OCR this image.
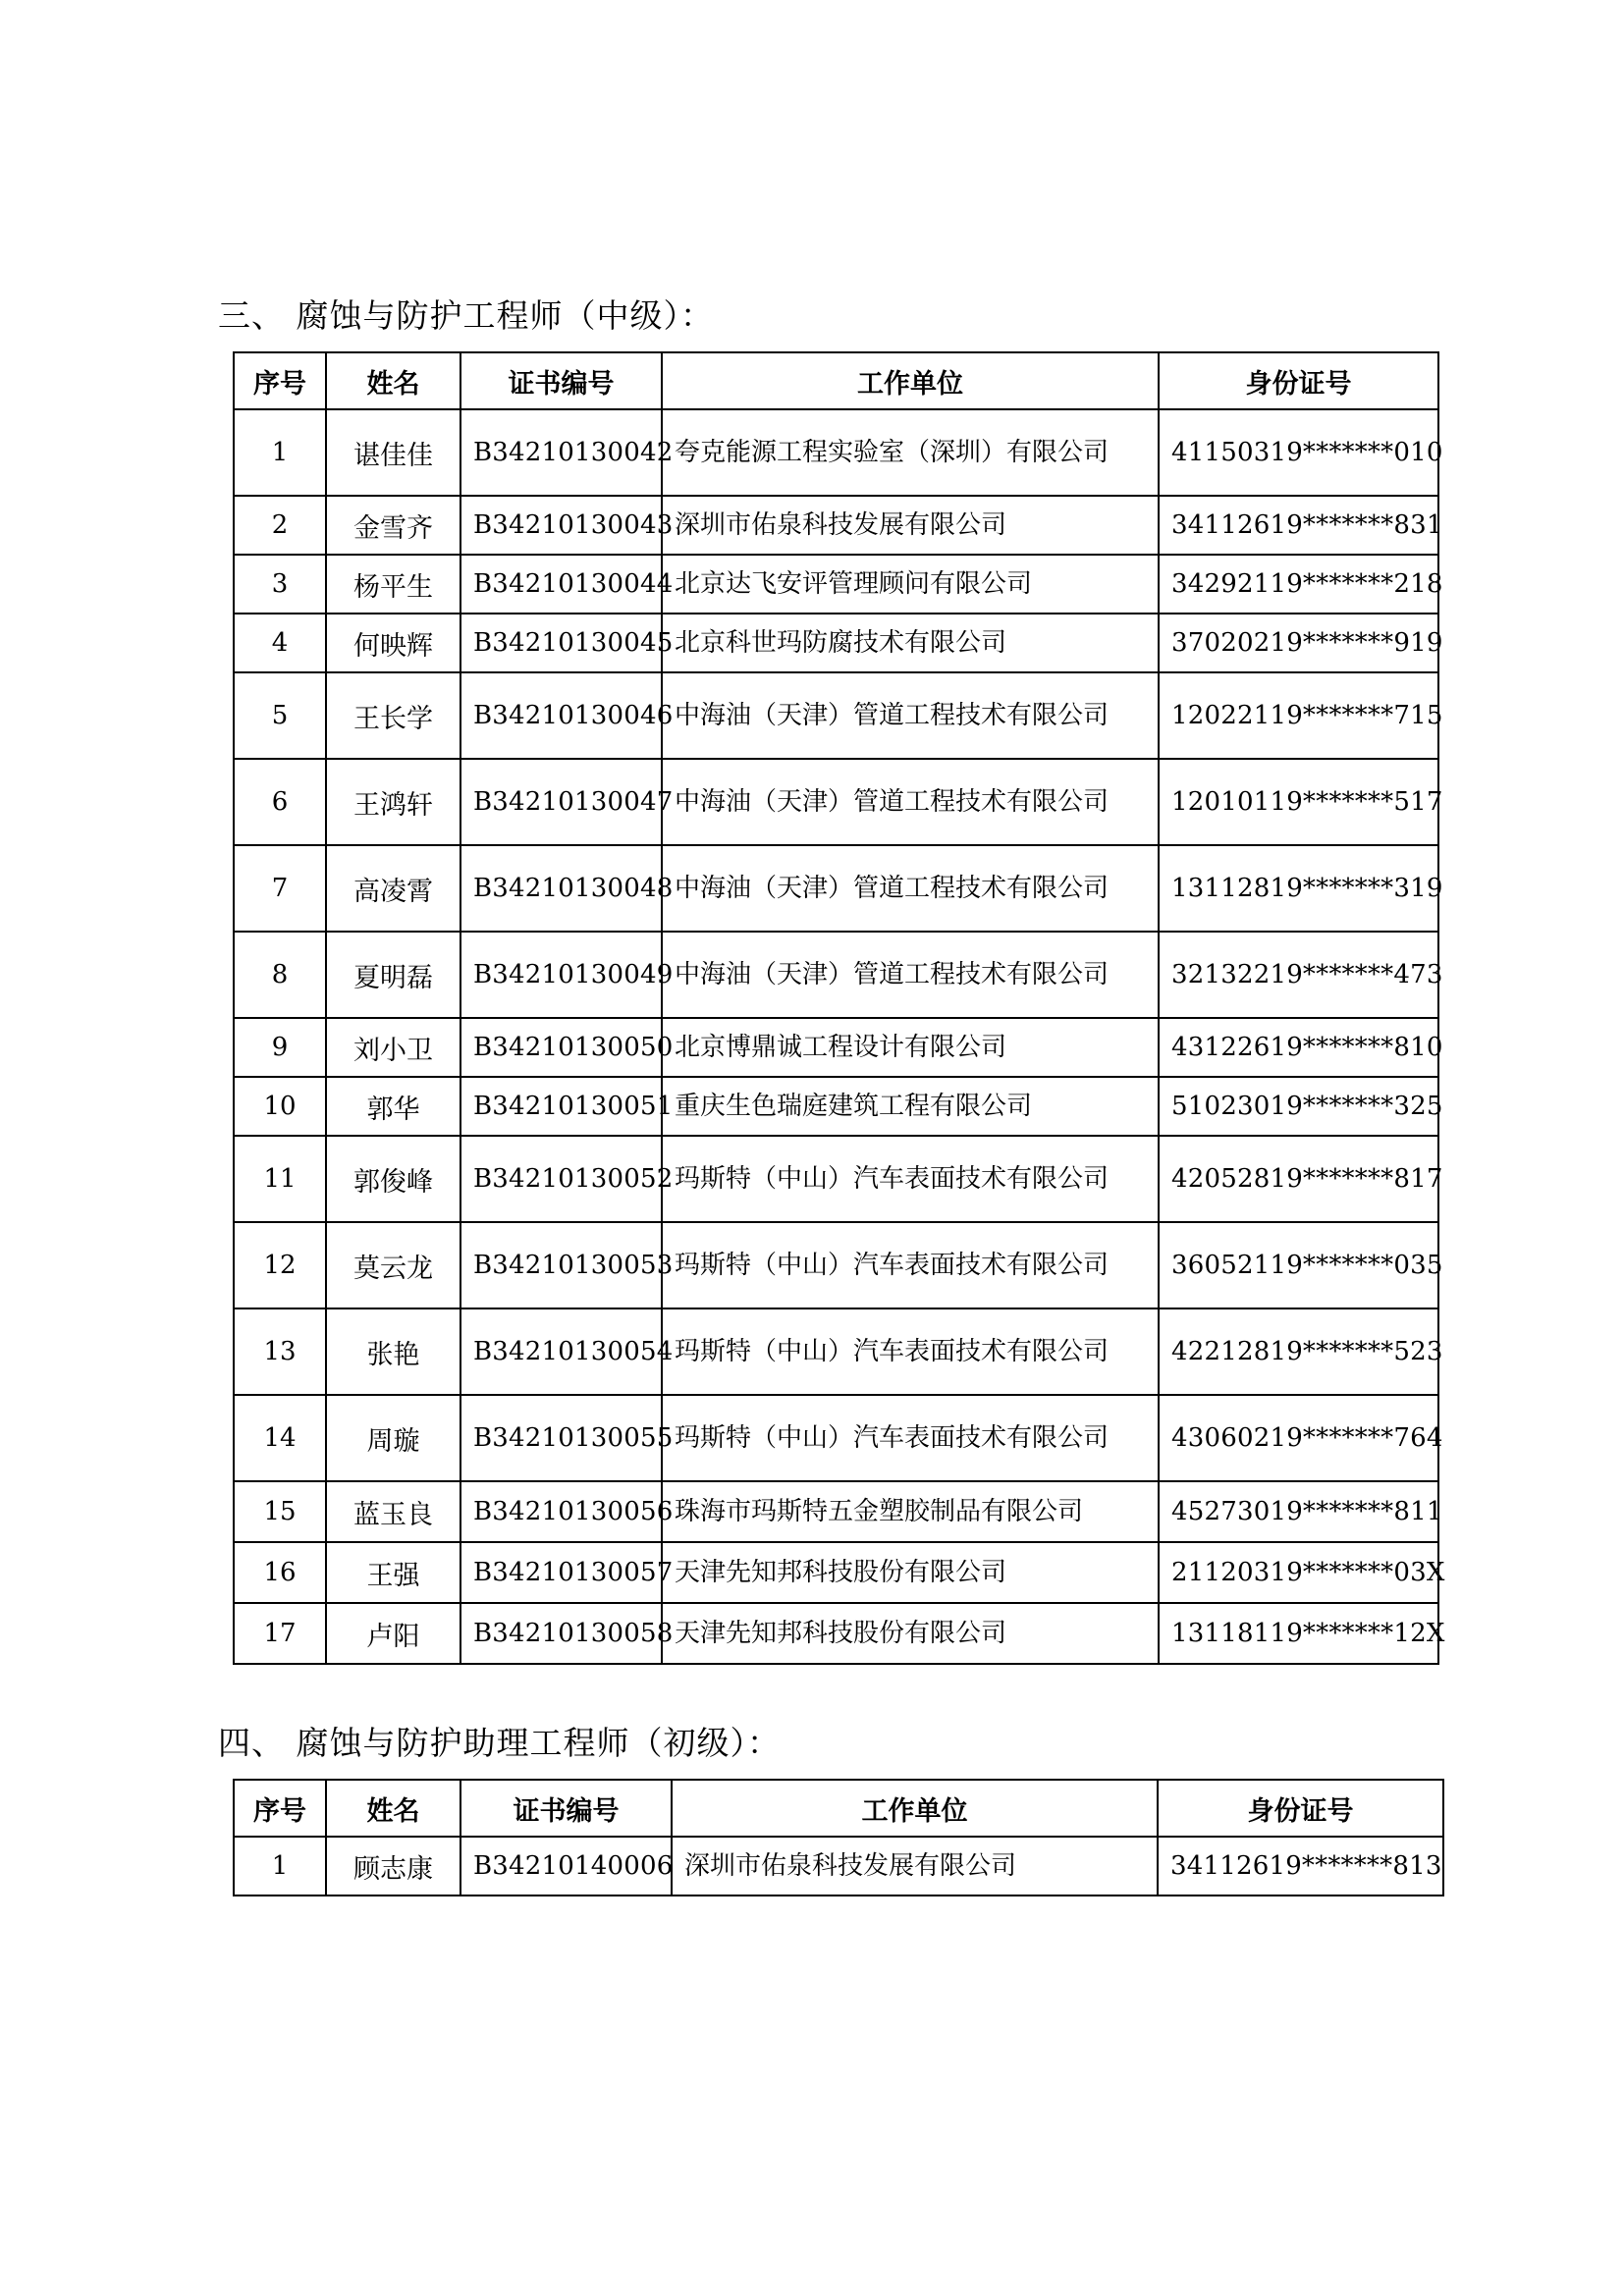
三、 腐蚀与防护工程师（中级）：
序号	姓名	证书编号	工作单位	身份证号
1	谌佳佳	B34210130042	夸克能源工程实验室（深圳）有限公司	41150319*******010
2	金雪齐	B34210130043	深圳市佑泉科技发展有限公司	34112619*******831
3	杨平生	B34210130044	北京达飞安评管理顾问有限公司	34292119*******218
4	何映辉	B34210130045	北京科世玛防腐技术有限公司	37020219*******919
5	王长学	B34210130046	中海油（天津）管道工程技术有限公司	12022119*******715
6	王鸿轩	B34210130047	中海油（天津）管道工程技术有限公司	12010119*******517
7	高凌霄	B34210130048	中海油（天津）管道工程技术有限公司	13112819*******319
8	夏明磊	B34210130049	中海油（天津）管道工程技术有限公司	32132219*******473
9	刘小卫	B34210130050	北京博鼎诚工程设计有限公司	43122619*******810
10	郭华	B34210130051	重庆生色瑞庭建筑工程有限公司	51023019*******325
11	郭俊峰	B34210130052	玛斯特（中山）汽车表面技术有限公司	42052819*******817
12	莫云龙	B34210130053	玛斯特（中山）汽车表面技术有限公司	36052119*******035
13	张艳	B34210130054	玛斯特（中山）汽车表面技术有限公司	42212819*******523
14	周璇	B34210130055	玛斯特（中山）汽车表面技术有限公司	43060219*******764
15	蓝玉良	B34210130056	珠海市玛斯特五金塑胶制品有限公司	45273019*******811
16	王强	B34210130057	天津先知邦科技股份有限公司	21120319*******03X
17	卢阳	B34210130058	天津先知邦科技股份有限公司	13118119*******12X
四、 腐蚀与防护助理工程师（初级）：
序号	姓名	证书编号	工作单位	身份证号
1	顾志康	B34210140006	深圳市佑泉科技发展有限公司	34112619*******813
